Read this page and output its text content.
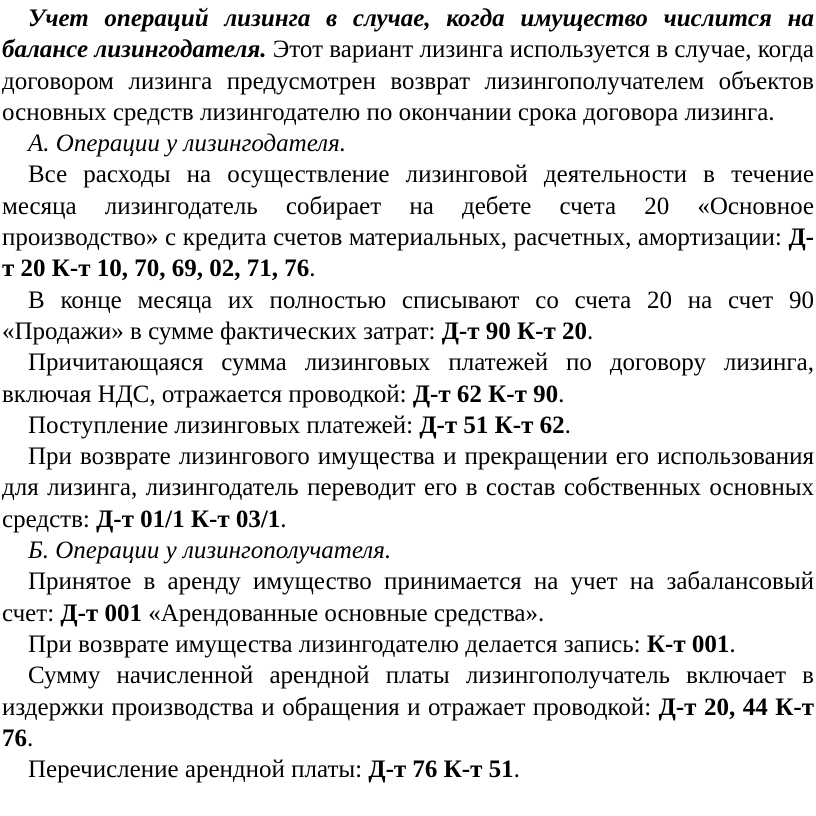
Учет операций лизинга в случае, когда имущество числится на балансе лизингодателя. Этот вариант лизинга используется в случае, когда договором лизинга предусмотрен возврат лизингополучателем объектов основных средств лизингодателю по окончании срока договора лизинга.

А. Операции у лизингодателя.

Все расходы на осуществление лизинговой деятельности в течение месяца лизингодатель собирает на дебете счета 20 «Основное производство» с кредита счетов материальных, расчетных, амортизации: Д-т 20 К-т 10, 70, 69, 02, 71, 76.

В конце месяца их полностью списывают со счета 20 на счет 90 «Продажи» в сумме фактических затрат: Д-т 90 К-т 20.

Причитающаяся сумма лизинговых платежей по договору лизинга, включая НДС, отражается проводкой: Д-т 62 К-т 90.

Поступление лизинговых платежей: Д-т 51 К-т 62.

При возврате лизингового имущества и прекращении его использования для лизинга, лизингодатель переводит его в состав собственных основных средств: Д-т 01/1 К-т 03/1.

Б. Операции у лизингополучателя.

Принятое в аренду имущество принимается на учет на забалансовый счет: Д-т 001 «Арендованные основные средства».

При возврате имущества лизингодателю делается запись: К-т 001.

Сумму начисленной арендной платы лизингополучатель включает в издержки производства и обращения и отражает проводкой: Д-т 20, 44 К-т 76.

Перечисление арендной платы: Д-т 76 К-т 51.
